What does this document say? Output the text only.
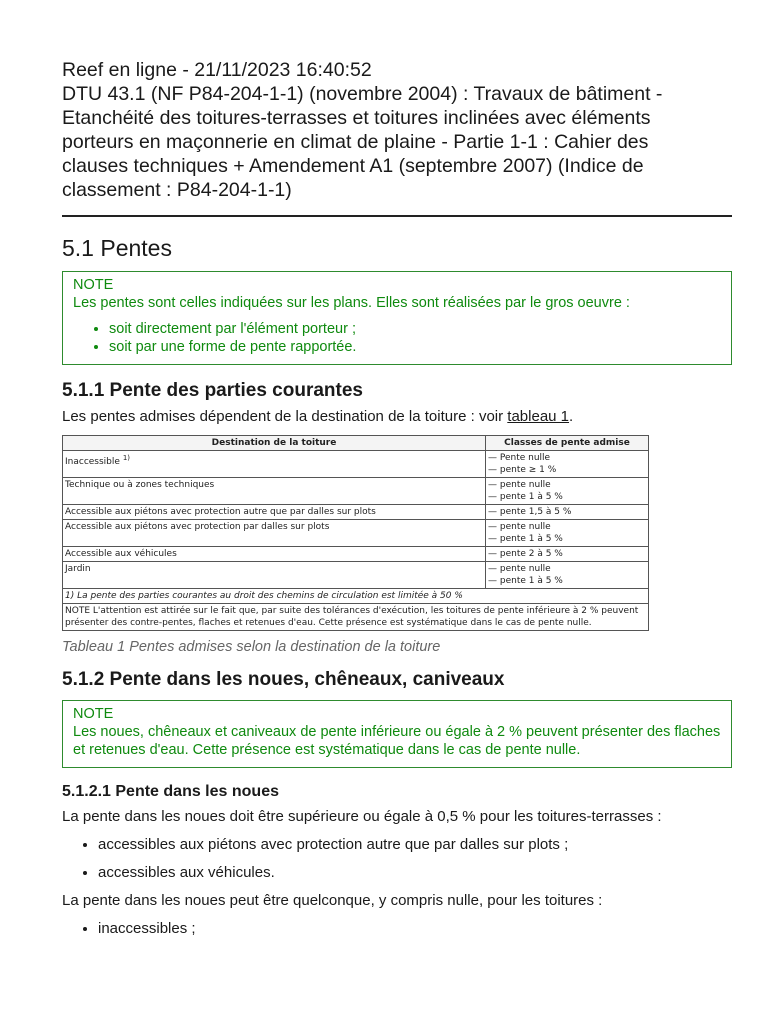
Reef en ligne - 21/11/2023 16:40:52
DTU 43.1 (NF P84-204-1-1) (novembre 2004) : Travaux de bâtiment -
Etanchéité des toitures-terrasses et toitures inclinées avec éléments
porteurs en maçonnerie en climat de plaine - Partie 1-1 : Cahier des
clauses techniques + Amendement A1 (septembre 2007) (Indice de
classement : P84-204-1-1)
5.1 Pentes
NOTE
Les pentes sont celles indiquées sur les plans. Elles sont réalisées par le gros oeuvre :
• soit directement par l'élément porteur ;
• soit par une forme de pente rapportée.
5.1.1 Pente des parties courantes

Les pentes admises dépendent de la destination de la toiture : voir tableau 1.

Destination de la toiture	Classes de pente admise
Inaccessible $^{1)}$	— Pente nulle
— pente ≥ 1 %

Technique ou à zones techniques	— pente nulle
— pente 1 à 5 %

Accessible aux piétons avec protection autre que par dalles sur plots	— pente 1,5 à 5 %

Accessible aux piétons avec protection par dalles sur plots	— pente nulle
— pente 1 à 5 %

Accessible aux véhicules	— pente 2 à 5 %

Jardin	— pente nulle
— pente 1 à 5 %

1) La pente des parties courantes au droit des chemins de circulation est limitée à 50 %	
NOTE L'attention est attirée sur le fait que, par suite des tolérances d'exécution, les toitures de pente inférieure à 2 % peuvent présenter des contre-pentes, flaches et retenues d'eau. Cette présence est systématique dans le cas de pente nulle.	
Tableau 1 Pentes admises selon la destination de la toiture
5.1.2 Pente dans les noues, chêneaux, caniveaux
NOTE
Les noues, chêneaux et caniveaux de pente inférieure ou égale à 2 % peuvent présenter des flaches et retenues d'eau. Cette présence est systématique dans le cas de pente nulle.
5.1.2.1 Pente dans les noues

La pente dans les noues doit être supérieure ou égale à 0,5 % pour les toitures-terrasses :

• accessibles aux piétons avec protection autre que par dalles sur plots ;
• accessibles aux véhicules.

La pente dans les noues peut être quelconque, y compris nulle, pour les toitures :

• inaccessibles ;
